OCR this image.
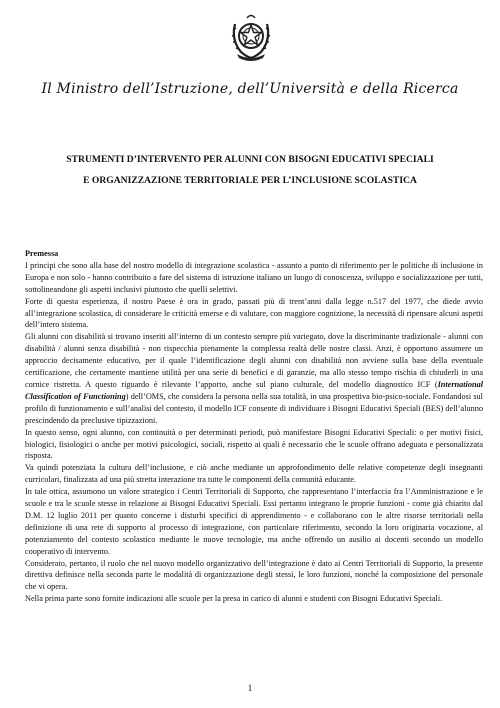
Il Ministro dell’Istruzione, dell’Università e della Ricerca
STRUMENTI D’INTERVENTO PER ALUNNI CON BISOGNI EDUCATIVI SPECIALI
E ORGANIZZAZIONE TERRITORIALE PER L’INCLUSIONE SCOLASTICA

Premessa

I principi che sono alla base del nostro modello di integrazione scolastica - assunto a punto di riferimento per le politiche di inclusione in Europa e non solo - hanno contribuito a fare del sistema di istruzione italiano un luogo di conoscenza, sviluppo e socializzazione per tutti, sottolineandone gli aspetti inclusivi piuttosto che quelli selettivi.

Forte di questa esperienza, il nostro Paese è ora in grado, passati più di trent’anni dalla legge n.517 del 1977, che diede avvio all’integrazione scolastica, di considerare le criticità emerse e di valutare, con maggiore cognizione, la necessità di ripensare alcuni aspetti dell’intero sistema.

Gli alunni con disabilità si trovano inseriti all’interno di un contesto sempre più variegato, dove la discriminante tradizionale - alunni con disabilità / alunni senza disabilità - non rispecchia pienamente la complessa realtà delle nostre classi. Anzi, è opportuno assumere un approccio decisamente educativo, per il quale l’identificazione degli alunni con disabilità non avviene sulla base della eventuale certificazione, che certamente mantiene utilità per una serie di benefici e di garanzie, ma allo stesso tempo rischia di chiuderli in una cornice ristretta. A questo riguardo è rilevante l’apporto, anche sul piano culturale, del modello diagnostico ICF (International Classification of Functioning) dell’OMS, che considera la persona nella sua totalità, in una prospettiva bio-psico-sociale. Fondandosi sul profilo di funzionamento e sull’analisi del contesto, il modello ICF consente di individuare i Bisogni Educativi Speciali (BES) dell’alunno prescindendo da preclusive tipizzazioni.

In questo senso, ogni alunno, con continuità o per determinati periodi, può manifestare Bisogni Educativi Speciali: o per motivi fisici, biologici, fisiologici o anche per motivi psicologici, sociali, rispetto ai quali è necessario che le scuole offrano adeguata e personalizzata risposta.

Va quindi potenziata la cultura dell’inclusione, e ciò anche mediante un approfondimento delle relative competenze degli insegnanti curricolari, finalizzata ad una più stretta interazione tra tutte le componenti della comunità educante.

In tale ottica, assumono un valore strategico i Centri Territoriali di Supporto, che rappresentano l’interfaccia fra l’Amministrazione e le scuole e tra le scuole stesse in relazione ai Bisogni Educativi Speciali. Essi pertanto integrano le proprie funzioni - come già chiarito dal D.M. 12 luglio 2011 per quanto concerne i disturbi specifici di apprendimento - e collaborano con le altre risorse territoriali nella definizione di una rete di supporto al processo di integrazione, con particolare riferimento, secondo la loro originaria vocazione, al potenziamento del contesto scolastico mediante le nuove tecnologie, ma anche offrendo un ausilio ai docenti secondo un modello cooperativo di intervento.

Considerato, pertanto, il ruolo che nel nuovo modello organizzativo dell’integrazione è dato ai Centri Territoriali di Supporto, la presente direttiva definisce nella seconda parte le modalità di organizzazione degli stessi, le loro funzioni, nonché la composizione del personale che vi opera.

Nella prima parte sono fornite indicazioni alle scuole per la presa in carico di alunni e studenti con Bisogni Educativi Speciali.

1
